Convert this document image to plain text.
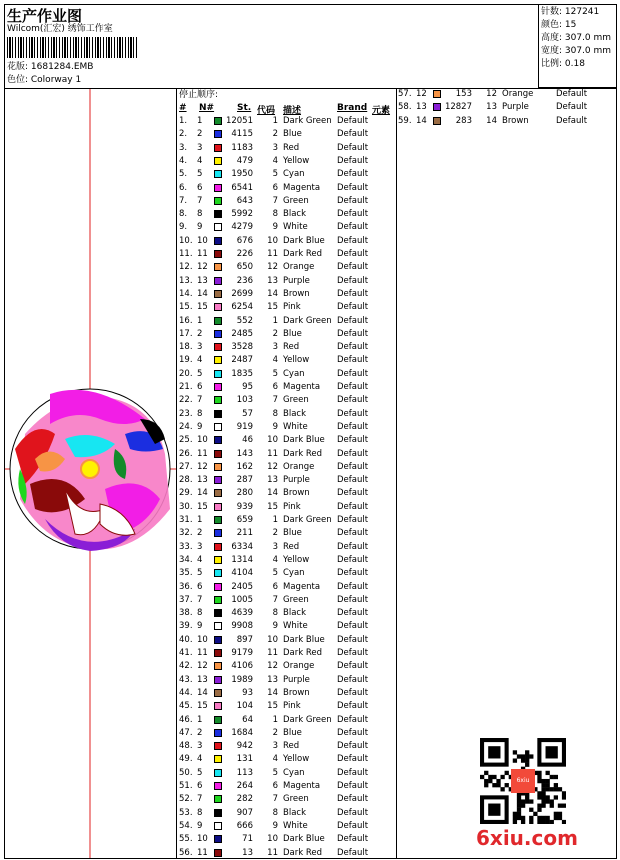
生产作业图
Wilcom(汇宏) 绣饰工作室
花版: 1681284.EMB
色位: Colorway 1
针数: 127241
颜色: 15
高度: 307.0 mm
宽度: 307.0 mm
比例: 0.18
停止顺序:
# N#	St. 代码 描述	Brand 元素
1. 1	12051	1 Dark Green Default
2. 2	4115	2 Blue	Default
3. 3	1183	3 Red	Default
4. 4	479	4 Yellow	Default
5. 5	1950	5 Cyan	Default
6. 6	6541	6 Magenta Default
7. 7	643	7 Green	Default
8. 8	5992	8 Black	Default
9. 9	4279	9 White	Default
10. 10	676	10 Dark Blue Default
11. 11	226	11 Dark Red Default
12. 12	650	12 Orange	Default
13. 13	236	13 Purple	Default
14. 14	2699	14 Brown	Default
15. 15	6254	15 Pink	Default
16. 1	552	1 Dark Green Default
17. 2	2485	2 Blue	Default
18. 3	3528	3 Red	Default
19. 4	2487	4 Yellow	Default
20. 5	1835	5 Cyan	Default
21. 6	95	6 Magenta Default
22. 7	103	7 Green	Default
23. 8	57	8 Black	Default
24. 9	919	9 White	Default
25. 10	46	10 Dark Blue Default
26. 11	143	11 Dark Red Default
27. 12	162	12 Orange	Default
28. 13	287	13 Purple	Default
29. 14	280	14 Brown	Default
30. 15	939	15 Pink	Default
31. 1	659	1 Dark Green Default
32. 2	211	2 Blue	Default
33. 3	6334	3 Red	Default
34. 4	1314	4 Yellow	Default
35. 5	4104	5 Cyan	Default
36. 6	2405	6 Magenta Default
37. 7	1005	7 Green	Default
38. 8	4639	8 Black	Default
39. 9	9908	9 White	Default
40. 10	897	10 Dark Blue Default
41. 11	9179	11 Dark Red Default
42. 12	4106	12 Orange	Default
43. 13	1989	13 Purple	Default
44. 14	93	14 Brown	Default
45. 15	104	15 Pink	Default
46. 1	64	1 Dark Green Default
47. 2	1684	2 Blue	Default
48. 3	942	3 Red	Default
49. 4	131	4 Yellow	Default
50. 5	113	5 Cyan	Default
51. 6	264	6 Magenta Default
52. 7	282	7 Green	Default
53. 8	907	8 Black	Default
54. 9	666	9 White	Default
55. 10	71	10 Dark Blue Default
56. 11	13	11 Dark Red Default
57. 12	153	12 Orange	Default
58. 13 12827	13 Purple	Default
59. 14	283	14 Brown	Default
6xiu
6xiu.com
